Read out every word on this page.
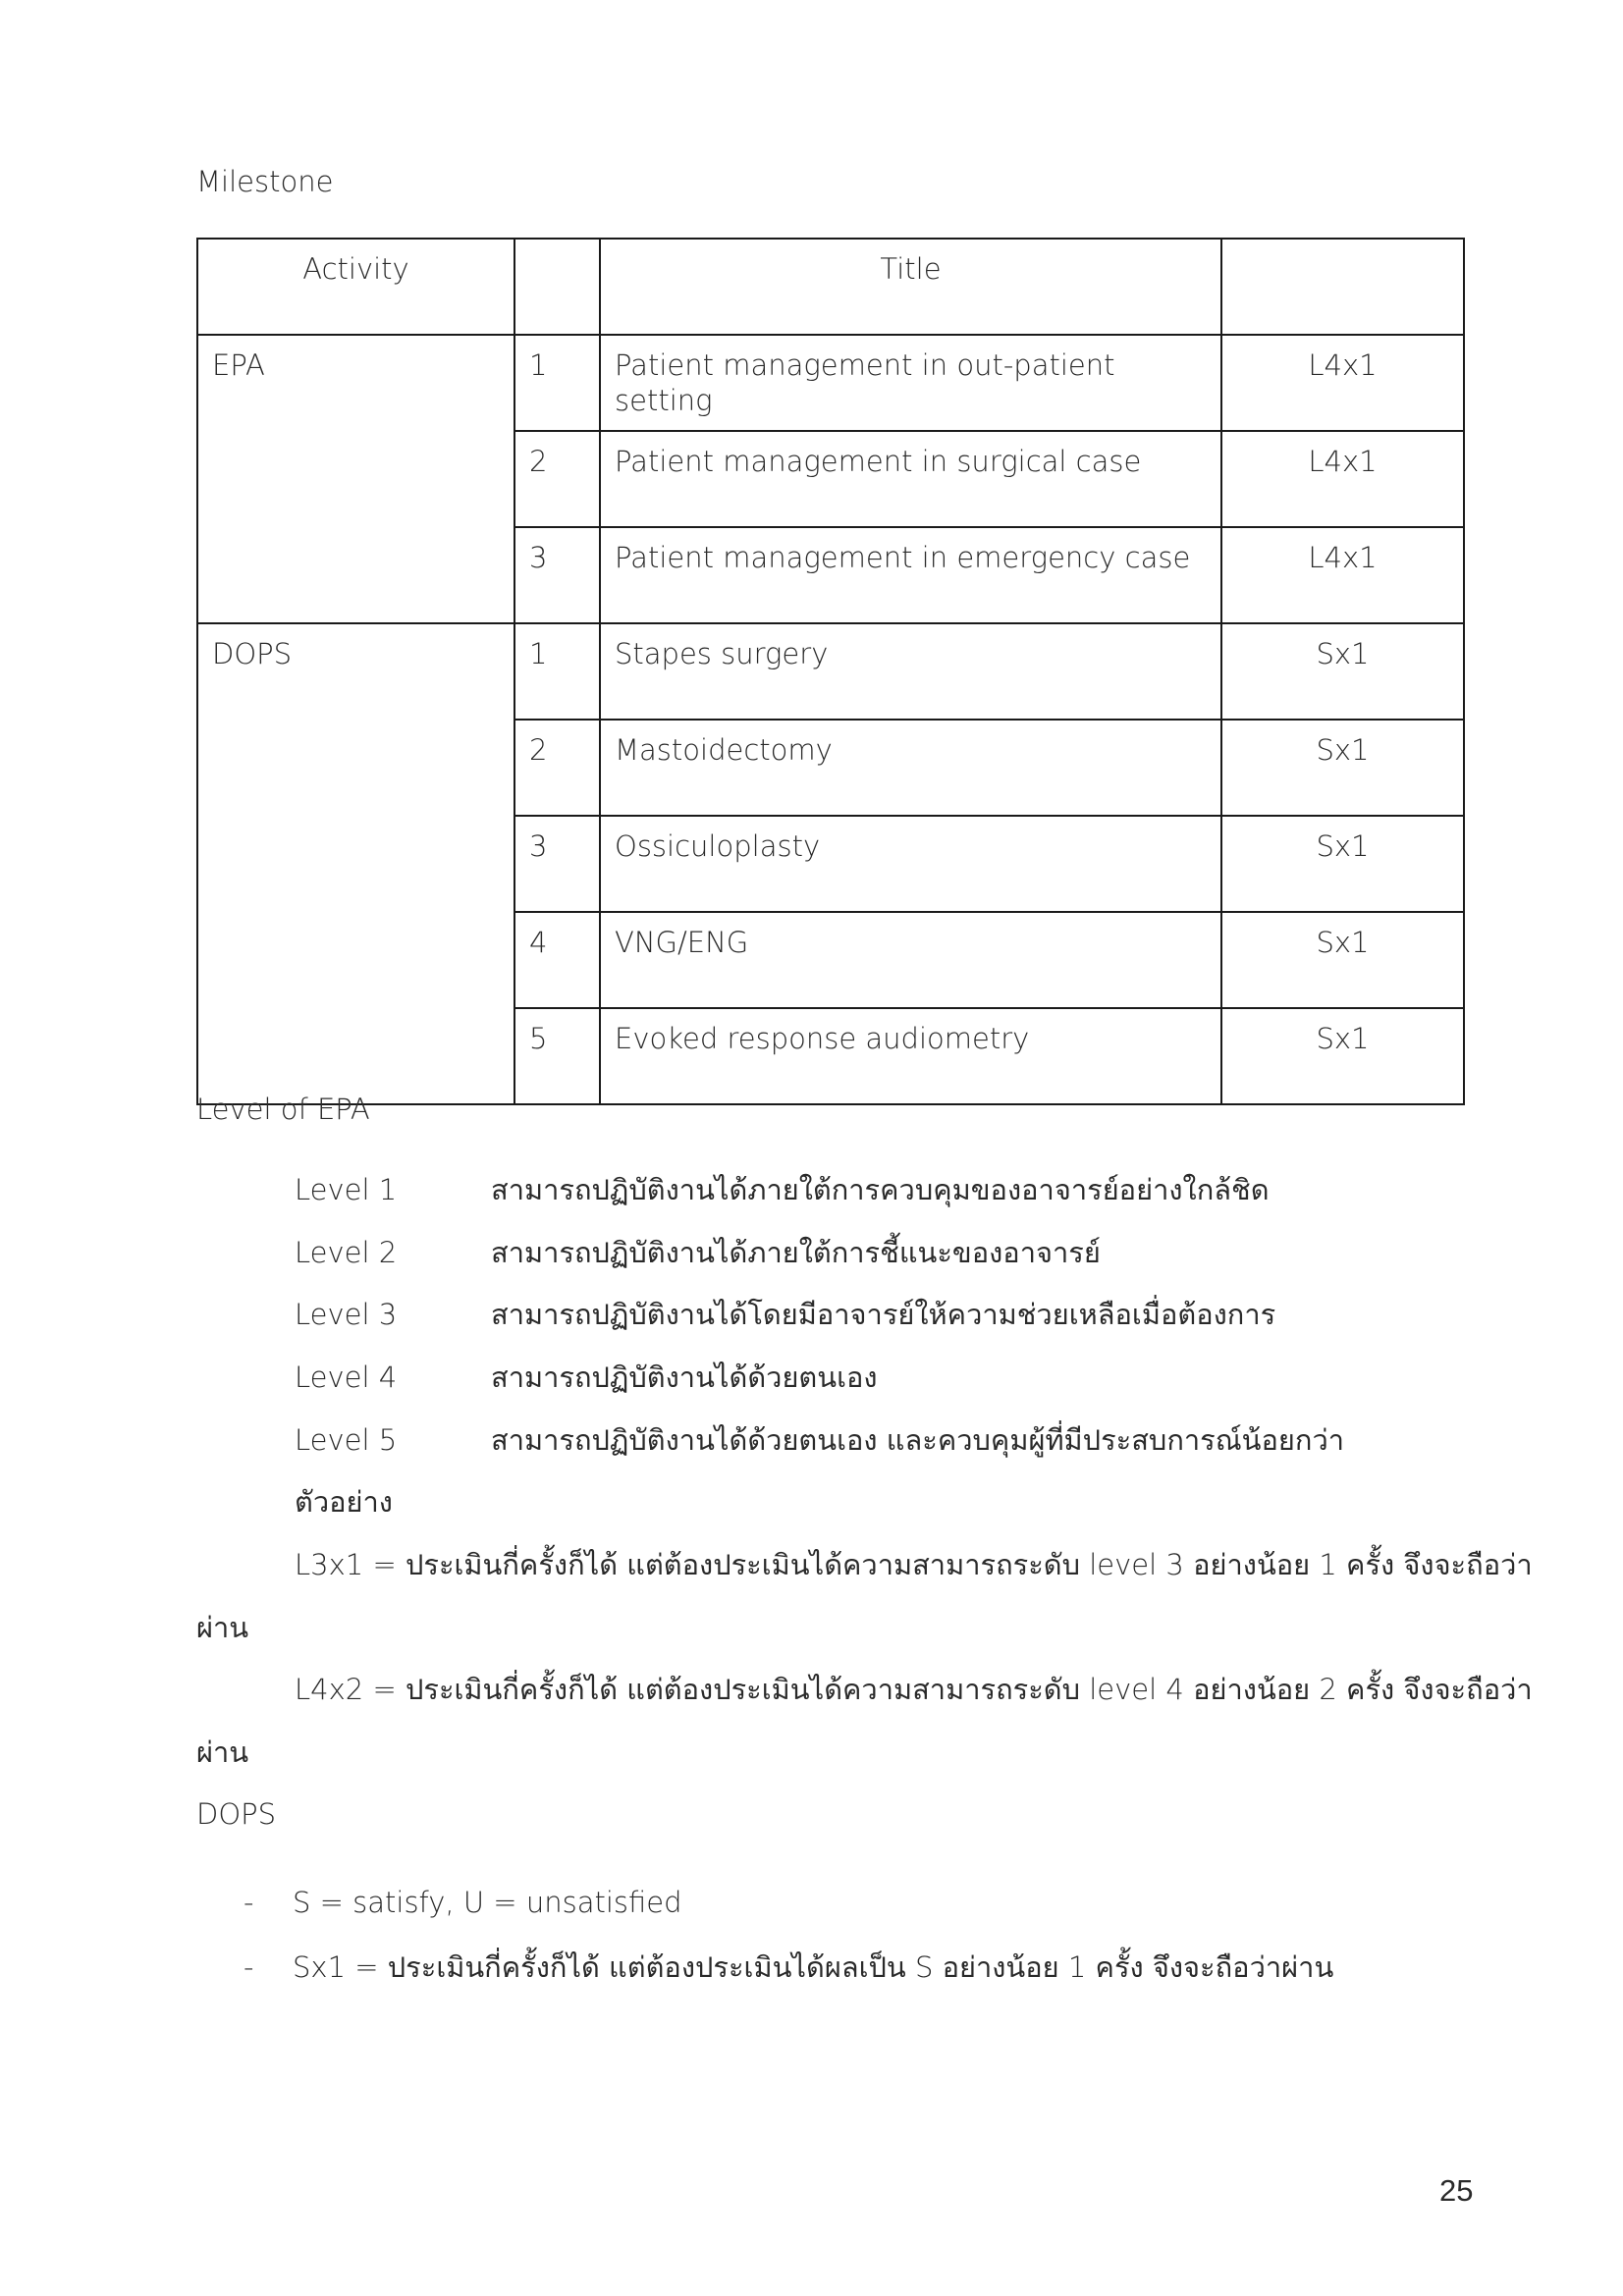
Milestone
Activity		Title	
EPA	1	Patient management in out-patient setting	L4x1
	2	Patient management in surgical case	L4x1
	3	Patient management in emergency case	L4x1
DOPS	1	Stapes surgery	Sx1
	2	Mastoidectomy	Sx1
	3	Ossiculoplasty	Sx1
	4	VNG/ENG	Sx1
	5	Evoked response audiometry	Sx1
Level of EPA
Level 1	สามารถปฏิบัติงานได้ภายใต้การควบคุมของอาจารย์อย่างใกล้ชิด
Level 2	สามารถปฏิบัติงานได้ภายใต้การชี้แนะของอาจารย์
Level 3	สามารถปฏิบัติงานได้โดยมีอาจารย์ให้ความช่วยเหลือเมื่อต้องการ
Level 4	สามารถปฏิบัติงานได้ด้วยตนเอง
Level 5	สามารถปฏิบัติงานได้ด้วยตนเอง และควบคุมผู้ที่มีประสบการณ์น้อยกว่า
ตัวอย่าง
L3x1 = ประเมินกี่ครั้งก็ได้ แต่ต้องประเมินได้ความสามารถระดับ level 3 อย่างน้อย 1 ครั้ง จึงจะถือว่า
ผ่าน
L4x2 = ประเมินกี่ครั้งก็ได้ แต่ต้องประเมินได้ความสามารถระดับ level 4 อย่างน้อย 2 ครั้ง จึงจะถือว่า
ผ่าน
DOPS
- S = satisfy, U = unsatisfied
- Sx1 = ประเมินกี่ครั้งก็ได้ แต่ต้องประเมินได้ผลเป็น S อย่างน้อย 1 ครั้ง จึงจะถือว่าผ่าน
25
